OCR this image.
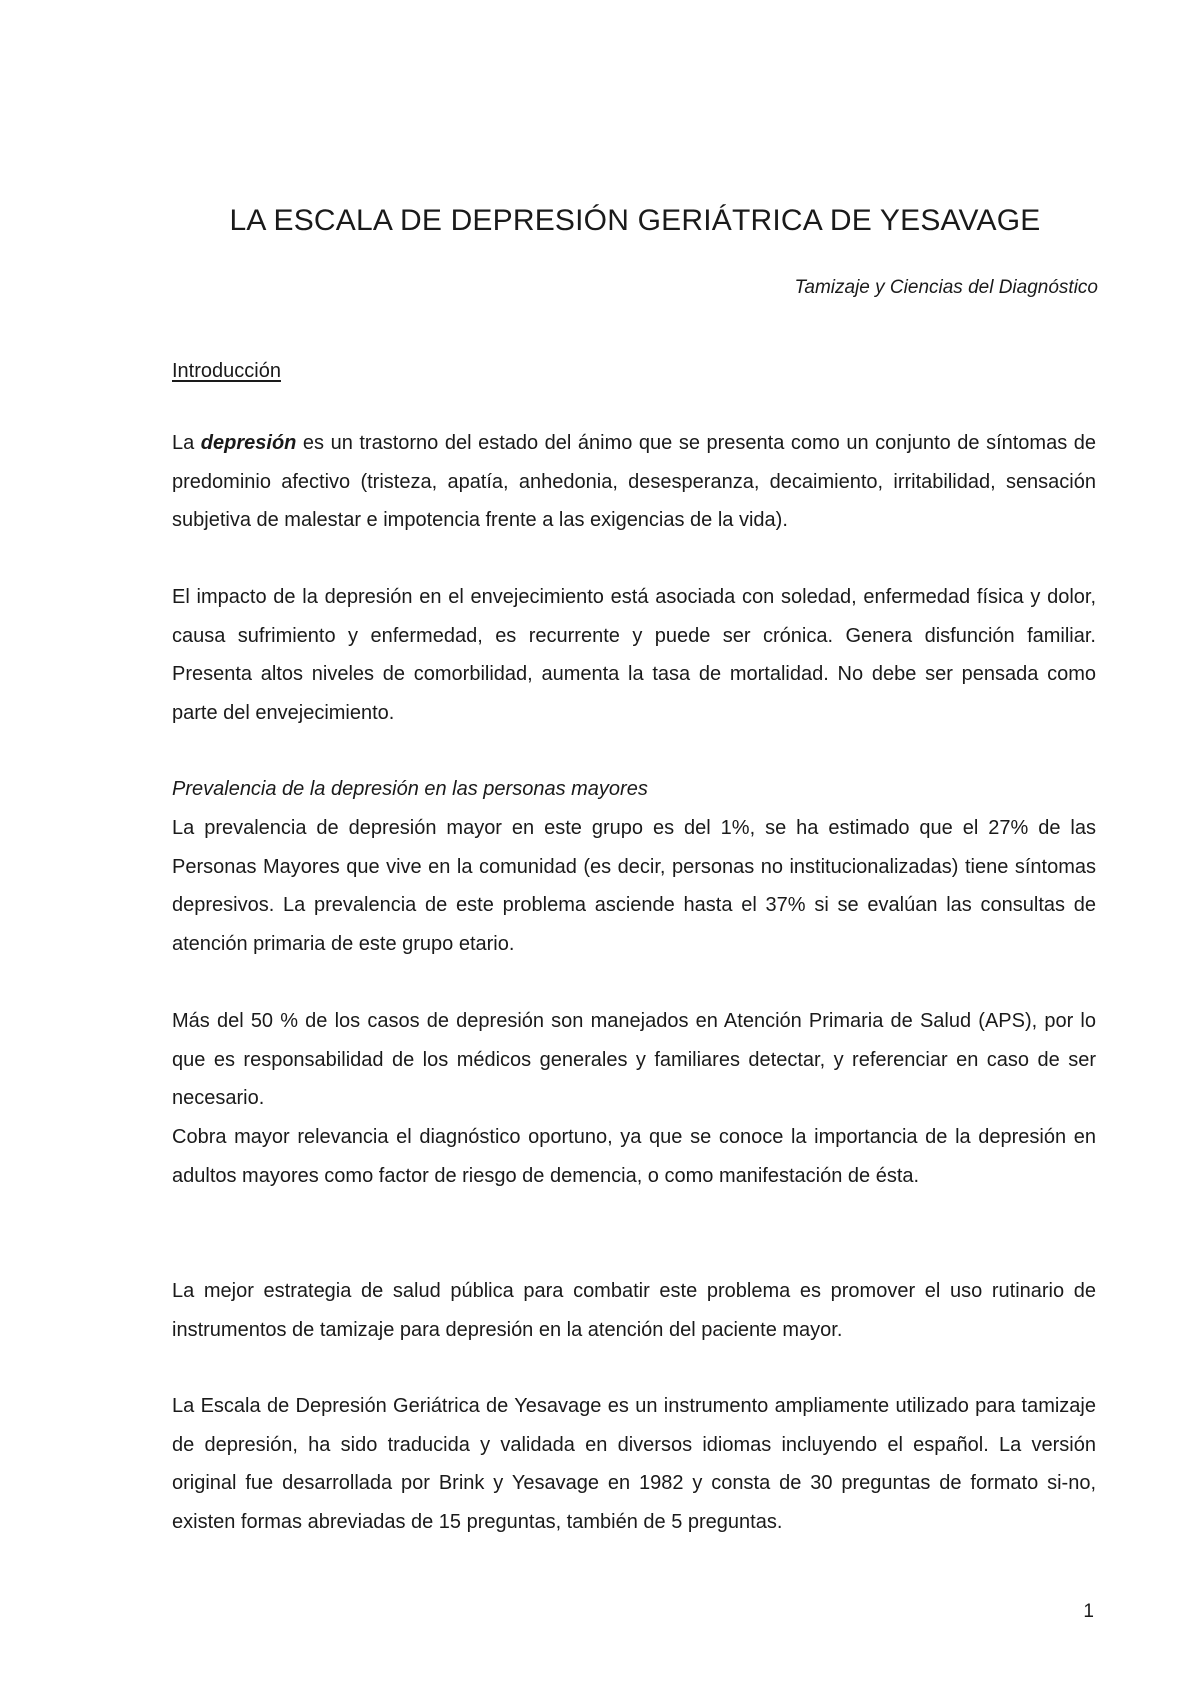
LA ESCALA DE DEPRESIÓN GERIÁTRICA DE YESAVAGE

Tamizaje y Ciencias del Diagnóstico

Introducción

La depresión es un trastorno del estado del ánimo que se presenta como un conjunto de síntomas de predominio afectivo (tristeza, apatía, anhedonia, desesperanza, decaimiento, irritabilidad, sensación subjetiva de malestar e impotencia frente a las exigencias de la vida).

El impacto de la depresión en el envejecimiento está asociada con soledad, enfermedad física y dolor, causa sufrimiento y enfermedad, es recurrente y puede ser crónica. Genera disfunción familiar. Presenta altos niveles de comorbilidad, aumenta la tasa de mortalidad. No debe ser pensada como parte del envejecimiento.

Prevalencia de la depresión en las personas mayores

La prevalencia de depresión mayor en este grupo es del 1%, se ha estimado que el 27% de las Personas Mayores que vive en la comunidad (es decir, personas no institucionalizadas) tiene síntomas depresivos. La prevalencia de este problema asciende hasta el 37% si se evalúan las consultas de atención primaria de este grupo etario.

Más del 50 % de los casos de depresión son manejados en Atención Primaria de Salud (APS), por lo que es responsabilidad de los médicos generales y familiares detectar, y referenciar en caso de ser necesario.

Cobra mayor relevancia el diagnóstico oportuno, ya que se conoce la importancia de la depresión en adultos mayores como factor de riesgo de demencia, o como manifestación de ésta.

La mejor estrategia de salud pública para combatir este problema es promover el uso rutinario de instrumentos de tamizaje para depresión en la atención del paciente mayor.

La Escala de Depresión Geriátrica de Yesavage es un instrumento ampliamente utilizado para tamizaje de depresión, ha sido traducida y validada en diversos idiomas incluyendo el español. La versión original fue desarrollada por Brink y Yesavage en 1982 y consta de 30 preguntas de formato si-no, existen formas abreviadas de 15 preguntas, también de 5 preguntas.

1
